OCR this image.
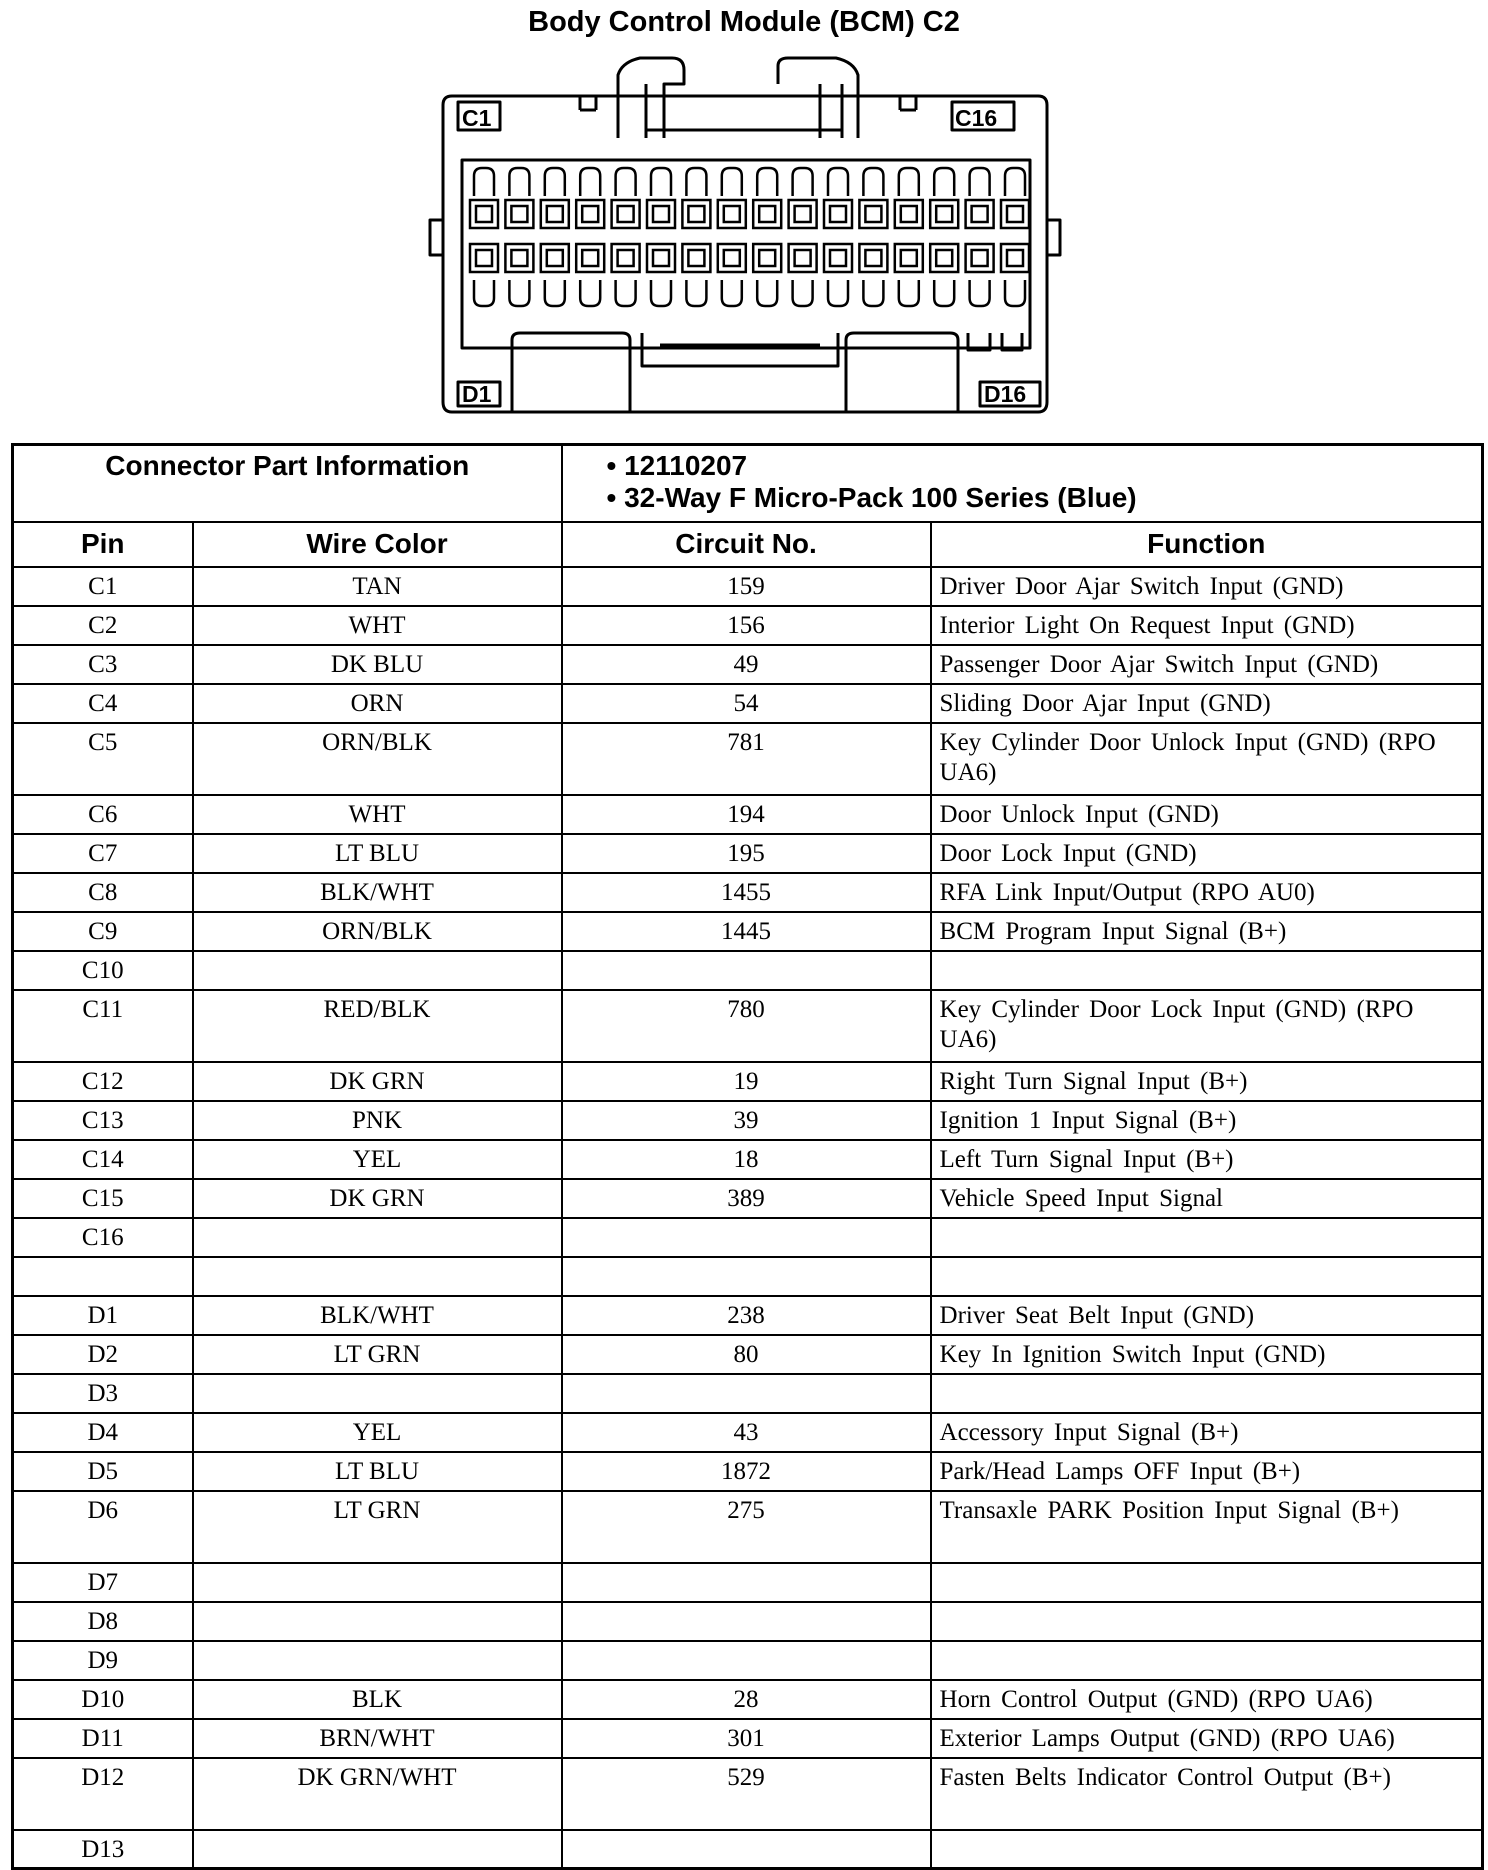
Body Control Module (BCM) C2
C1	C16
D1	D16
Connector Part Information		• 12110207
• 32-Way F Micro-Pack 100 Series (Blue)	

Pin	Wire Color	Circuit No.	Function
C1	TAN	159	Driver Door Ajar Switch Input (GND)
C2	WHT	156	Interior Light On Request Input (GND)
C3	DK BLU	49	Passenger Door Ajar Switch Input (GND)
C4	ORN	54	Sliding Door Ajar Input (GND)
C5	ORN/BLK	781	Key Cylinder Door Unlock Input (GND) (RPO UA6)
C6	WHT	194	Door Unlock Input (GND)
C7	LT BLU	195	Door Lock Input (GND)
C8	BLK/WHT	1455	RFA Link Input/Output (RPO AU0)
C9	ORN/BLK	1445	BCM Program Input Signal (B+)
C10			
C11	RED/BLK	780	Key Cylinder Door Lock Input (GND) (RPO UA6)
C12	DK GRN	19	Right Turn Signal Input (B+)
C13	PNK	39	Ignition 1 Input Signal (B+)
C14	YEL	18	Left Turn Signal Input (B+)
C15	DK GRN	389	Vehicle Speed Input Signal
C16			

D1	BLK/WHT	238	Driver Seat Belt Input (GND)
D2	LT GRN	80	Key In Ignition Switch Input (GND)
D3			
D4	YEL	43	Accessory Input Signal (B+)
D5	LT BLU	1872	Park/Head Lamps OFF Input (B+)
D6	LT GRN	275	Transaxle PARK Position Input Signal (B+)
D7			
D8			
D9			
D10	BLK	28	Horn Control Output (GND) (RPO UA6)
D11	BRN/WHT	301	Exterior Lamps Output (GND) (RPO UA6)
D12	DK GRN/WHT	529	Fasten Belts Indicator Control Output (B+)
D13			
